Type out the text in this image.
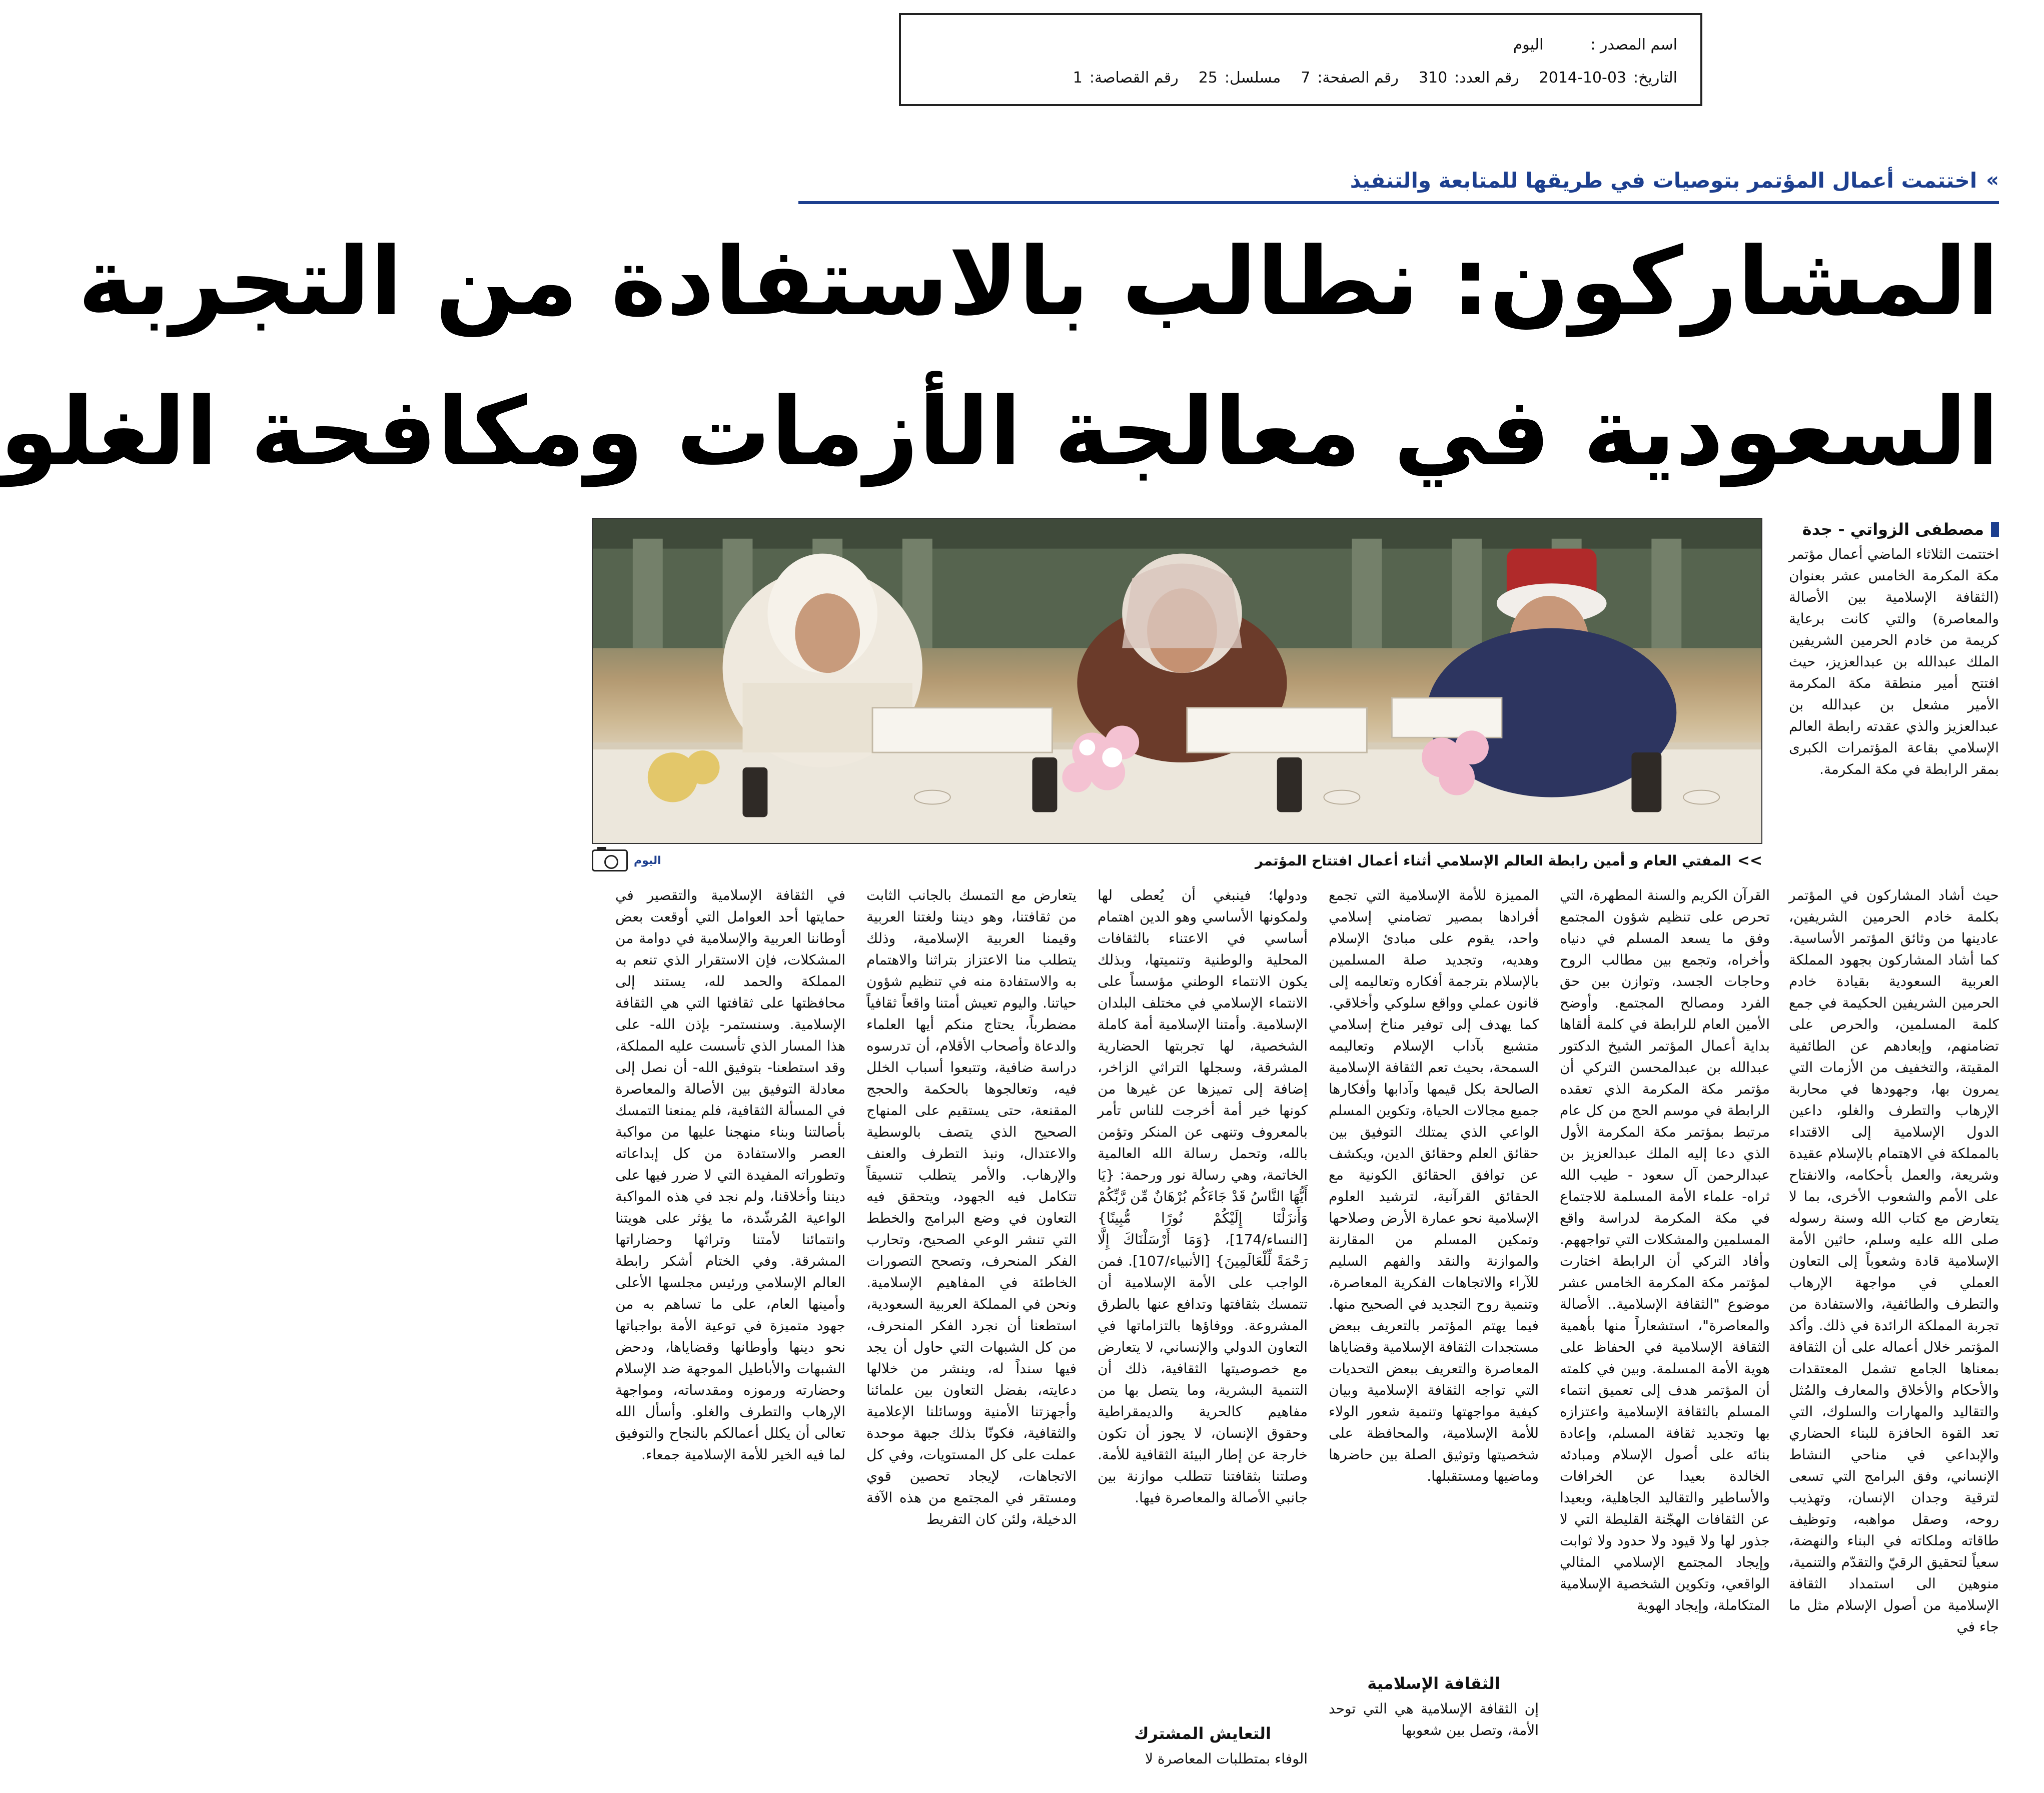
اسم المصدر :
اليوم
التاريخ:
2014-10-03
رقم العدد:
310
رقم الصفحة:
7
مسلسل:
25
رقم القصاصة:
1
»
اختتمت أعمال المؤتمر بتوصيات في طريقها للمتابعة والتنفيذ
المشاركون: نطالب بالاستفادة من التجربة
السعودية في معالجة الأزمات ومكافحة الغلو
مصطفى الزواتي - جدة
اختتمت الثلاثاء الماضي أعمال مؤتمر مكة المكرمة الخامس عشر بعنوان (الثقافة الإسلامية بين الأصالة والمعاصرة) والتي كانت برعاية كريمة من خادم الحرمين الشريفين الملك عبدالله بن عبدالعزيز، حيث افتتح أمير منطقة مكة المكرمة الأمير مشعل بن عبدالله بن عبدالعزيز والذي عقدته رابطة العالم الإسلامي بقاعة المؤتمرات الكبرى بمقر الرابطة في مكة المكرمة.
>>
المفتي العام و أمين رابطة العالم الإسلامي أثناء أعمال افتتاح المؤتمر
اليوم
حيث أشاد المشاركون في المؤتمر بكلمة خادم الحرمين الشريفين، عادينها من وثائق المؤتمر الأساسية. كما أشاد المشاركون بجهود المملكة العربية السعودية بقيادة خادم الحرمين الشريفين الحكيمة في جمع كلمة المسلمين، والحرص على تضامنهم، وإبعادهم عن الطائفية المقيتة، والتخفيف من الأزمات التي يمرون بها، وجهودها في محاربة الإرهاب والتطرف والغلو، داعين الدول الإسلامية إلى الاقتداء بالمملكة في الاهتمام بالإسلام عقيدة وشريعة، والعمل بأحكامه، والانفتاح على الأمم والشعوب الأخرى، بما لا يتعارض مع كتاب الله وسنة رسوله صلى الله عليه وسلم، حاثين الأمة الإسلامية قادة وشعوباً إلى التعاون العملي في مواجهة الإرهاب والتطرف والطائفية، والاستفادة من تجربة المملكة الرائدة في ذلك. وأكد المؤتمر خلال أعماله على أن الثقافة بمعناها الجامع تشمل المعتقدات والأحكام والأخلاق والمعارف والمُثل والتقاليد والمهارات والسلوك، التي تعد القوة الحافزة للبناء الحضاري والإبداعي في مناحي النشاط الإنساني، وفق البرامج التي تسعى لترقية وجدان الإنسان، وتهذيب روحه، وصقل مواهبه، وتوظيف طاقاته وملكاته في البناء والنهضة، سعياً لتحقيق الرقيّ والتقدّم والتنمية، منوهين الى استمداد الثقافة الإسلامية من أصول الإسلام مثل ما جاء في
القرآن الكريم والسنة المطهرة، التي تحرص على تنظيم شؤون المجتمع وفق ما يسعد المسلم في دنياه وأخراه، وتجمع بين مطالب الروح وحاجات الجسد، وتوازن بين حق الفرد ومصالح المجتمع. وأوضح الأمين العام للرابطة في كلمة ألقاها بداية أعمال المؤتمر الشيخ الدكتور عبدالله بن عبدالمحسن التركي أن مؤتمر مكة المكرمة الذي تعقده الرابطة في موسم الحج من كل عام مرتبط بمؤتمر مكة المكرمة الأول الذي دعا إليه الملك عبدالعزيز بن عبدالرحمن آل سعود - طيب الله ثراه- علماء الأمة المسلمة للاجتماع في مكة المكرمة لدراسة واقع المسلمين والمشكلات التي تواجههم. وأفاد التركي أن الرابطة اختارت لمؤتمر مكة المكرمة الخامس عشر موضوع "الثقافة الإسلامية.. الأصالة والمعاصرة"، استشعاراً منها بأهمية الثقافة الإسلامية في الحفاظ على هوية الأمة المسلمة. وبين في كلمته أن المؤتمر هدف إلى تعميق انتماء المسلم بالثقافة الإسلامية واعتزازه بها وتجديد ثقافة المسلم، وإعادة بنائه على أصول الإسلام ومبادئه الخالدة بعيدا عن الخرافات والأساطير والتقاليد الجاهلية، وبعيدا عن الثقافات الهجّنة القليطة التي لا جذور لها ولا قيود ولا حدود ولا ثوابت وإيجاد المجتمع الإسلامي المثالي الواقعي، وتكوين الشخصية الإسلامية المتكاملة، وإيجاد الهوية
المميزة للأمة الإسلامية التي تجمع أفرادها بمصير تضامني إسلامي واحد، يقوم على مبادئ الإسلام وهديه، وتجديد صلة المسلمين بالإسلام بترجمة أفكاره وتعاليمه إلى قانون عملي وواقع سلوكي وأخلاقي. كما يهدف إلى توفير مناخ إسلامي متشبع بآداب الإسلام وتعاليمه السمحة، بحيث تعم الثقافة الإسلامية الصالحة بكل قيمها وآدابها وأفكارها جميع مجالات الحياة، وتكوين المسلم الواعي الذي يمتلك التوفيق بين حقائق العلم وحقائق الدين، ويكشف عن توافق الحقائق الكونية مع الحقائق القرآنية، لترشيد العلوم الإسلامية نحو عمارة الأرض وصلاحها وتمكين المسلم من المقارنة والموازنة والنقد والفهم السليم للآراء والاتجاهات الفكرية المعاصرة، وتنمية روح التجديد في الصحيح منها. فيما يهتم المؤتمر بالتعريف ببعض مستجدات الثقافة الإسلامية وقضاياها المعاصرة والتعريف ببعض التحديات التي تواجه الثقافة الإسلامية وبيان كيفية مواجهتها وتنمية شعور الولاء للأمة الإسلامية، والمحافظة على شخصيتها وتوثيق الصلة بين حاضرها وماضيها ومستقبلها.
الثقافة الإسلامية
إن الثقافة الإسلامية هي التي توحد الأمة، وتصل بين شعوبها
ودولها؛ فينبغي أن يُعطى لها ولمكونها الأساسي وهو الدين اهتمام أساسي في الاعتناء بالثقافات المحلية والوطنية وتنميتها، وبذلك يكون الانتماء الوطني مؤسساً على الانتماء الإسلامي في مختلف البلدان الإسلامية. وأمتنا الإسلامية أمة كاملة الشخصية، لها تجربتها الحضارية المشرقة، وسجلها التراثي الزاخر، إضافة إلى تميزها عن غيرها من كونها خير أمة أخرجت للناس تأمر بالمعروف وتنهى عن المنكر وتؤمن بالله، وتحمل رسالة الله العالمية الخاتمة، وهي رسالة نور ورحمة: {يَا أَيُّهَا النَّاسُ قَدْ جَاءَكُم بُرْهَانٌ مِّن رَّبِّكُمْ وَأَنزَلْنَا إِلَيْكُمْ نُورًا مُّبِينًا} [النساء/174]، {وَمَا أَرْسَلْنَاكَ إِلَّا رَحْمَةً لِّلْعَالَمِينَ} [الأنبياء/107]. فمن الواجب على الأمة الإسلامية أن تتمسك بثقافتها وتدافع عنها بالطرق المشروعة. ووفاؤها بالتزاماتها في التعاون الدولي والإنساني، لا يتعارض مع خصوصيتها الثقافية، ذلك أن التنمية البشرية، وما يتصل بها من مفاهيم كالحرية والديمقراطية وحقوق الإنسان، لا يجوز أن تكون خارجة عن إطار البيئة الثقافية للأمة. وصلتنا بثقافتنا تتطلب موازنة بين جانبي الأصالة والمعاصرة فيها.
التعايش المشترك
الوفاء بمتطلبات المعاصرة لا
يتعارض مع التمسك بالجانب الثابت من ثقافتنا، وهو ديننا ولغتنا العربية وقيمنا العربية الإسلامية، وذلك يتطلب منا الاعتزاز بتراثنا والاهتمام به والاستفادة منه في تنظيم شؤون حياتنا. واليوم تعيش أمتنا واقعاً ثقافياً مضطرباً، يحتاج منكم أيها العلماء والدعاة وأصحاب الأقلام، أن تدرسوه دراسة ضافية، وتتبعوا أسباب الخلل فيه، وتعالجوها بالحكمة والحجج المقنعة، حتى يستقيم على المنهاج الصحيح الذي يتصف بالوسطية والاعتدال، ونبذ التطرف والعنف والإرهاب. والأمر يتطلب تنسيقاً تتكامل فيه الجهود، ويتحقق فيه التعاون في وضع البرامج والخطط التي تنشر الوعي الصحيح، وتحارب الفكر المنحرف، وتصحح التصورات الخاطئة في المفاهيم الإسلامية. ونحن في المملكة العربية السعودية، استطعنا أن نجرد الفكر المنحرف، من كل الشبهات التي حاول أن يجد فيها سنداً له، وينشر من خلالها دعايته، بفضل التعاون بين علمائنا وأجهزتنا الأمنية ووسائلنا الإعلامية والثقافية، فكونّا بذلك جبهة موحدة عملت على كل المستويات، وفي كل الاتجاهات، لإيجاد تحصين قوي ومستقر في المجتمع من هذه الآفة الدخيلة، ولئن كان التفريط
في الثقافة الإسلامية والتقصير في حمايتها أحد العوامل التي أوقعت بعض أوطاننا العربية والإسلامية في دوامة من المشكلات، فإن الاستقرار الذي تنعم به المملكة والحمد لله، يستند إلى محافظتها على ثقافتها التي هي الثقافة الإسلامية. وسنستمر- بإذن الله- على هذا المسار الذي تأسست عليه المملكة، وقد استطعنا- بتوفيق الله- أن نصل إلى معادلة التوفيق بين الأصالة والمعاصرة في المسألة الثقافية، فلم يمنعنا التمسك بأصالتنا وبناء منهجنا عليها من مواكبة العصر والاستفادة من كل إبداعاته وتطوراته المفيدة التي لا ضرر فيها على ديننا وأخلاقنا، ولم نجد في هذه المواكبة الواعية المُرشّدة، ما يؤثر على هويتنا وانتمائنا لأمتنا وتراثها وحضاراتها المشرقة. وفي الختام أشكر رابطة العالم الإسلامي ورئيس مجلسها الأعلى وأمينها العام، على ما تساهم به من جهود متميزة في توعية الأمة بواجباتها نحو دينها وأوطانها وقضاياها، ودحض الشبهات والأباطيل الموجهة ضد الإسلام وحضارته ورموزه ومقدساته، ومواجهة الإرهاب والتطرف والغلو. وأسأل الله تعالى أن يكلل أعمالكم بالنجاح والتوفيق لما فيه الخير للأمة الإسلامية جمعاء.
